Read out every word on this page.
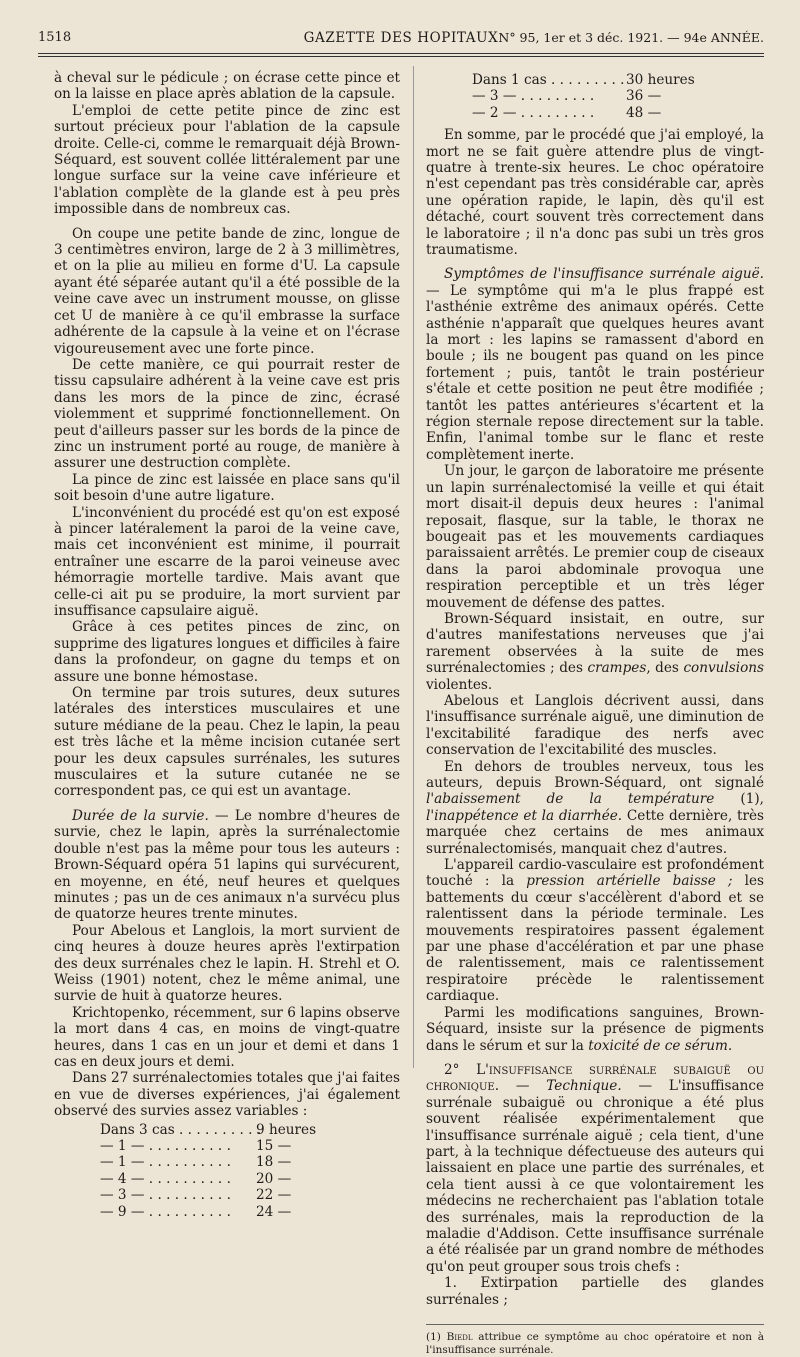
1518	GAZETTE DES HOPITAUX N° 95, 1er et 3 déc. 1921. — 94e ANNÉE.

à cheval sur le pédicule ; on écrase cette pince et on la laisse en place après ablation de la capsule.

L'emploi de cette petite pince de zinc est surtout précieux pour l'ablation de la capsule droite. Celle-ci, comme le remarquait déjà Brown-Séquard, est souvent collée littéralement par une longue surface sur la veine cave inférieure et l'ablation complète de la glande est à peu près impossible dans de nombreux cas.

On coupe une petite bande de zinc, longue de 3 centimètres environ, large de 2 à 3 millimètres, et on la plie au milieu en forme d'U. La capsule ayant été séparée autant qu'il a été possible de la veine cave avec un instrument mousse, on glisse cet U de manière à ce qu'il embrasse la surface adhérente de la capsule à la veine et on l'écrase vigoureusement avec une forte pince.

De cette manière, ce qui pourrait rester de tissu capsulaire adhérent à la veine cave est pris dans les mors de la pince de zinc, écrasé violemment et supprimé fonctionnellement. On peut d'ailleurs passer sur les bords de la pince de zinc un instrument porté au rouge, de manière à assurer une destruction complète.

La pince de zinc est laissée en place sans qu'il soit besoin d'une autre ligature.

L'inconvénient du procédé est qu'on est exposé à pincer latéralement la paroi de la veine cave, mais cet inconvénient est minime, il pourrait entraîner une escarre de la paroi veineuse avec hémorragie mortelle tardive. Mais avant que celle-ci ait pu se produire, la mort survient par insuffisance capsulaire aiguë.

Grâce à ces petites pinces de zinc, on supprime des ligatures longues et difficiles à faire dans la profondeur, on gagne du temps et on assure une bonne hémostase.

On termine par trois sutures, deux sutures latérales des interstices musculaires et une suture médiane de la peau. Chez le lapin, la peau est très lâche et la même incision cutanée sert pour les deux capsules surrénales, les sutures musculaires et la suture cutanée ne se correspondent pas, ce qui est un avantage.

Durée de la survie. — Le nombre d'heures de survie, chez le lapin, après la surrénalectomie double n'est pas la même pour tous les auteurs : Brown-Séquard opéra 51 lapins qui survécurent, en moyenne, en été, neuf heures et quelques minutes ; pas un de ces animaux n'a survécu plus de quatorze heures trente minutes.

Pour Abelous et Langlois, la mort survient de cinq heures à douze heures après l'extirpation des deux surrénales chez le lapin. H. Strehl et O. Weiss (1901) notent, chez le même animal, une survie de huit à quatorze heures.

Krichtopenko, récemment, sur 6 lapins observe la mort dans 4 cas, en moins de vingt-quatre heures, dans 1 cas en un jour et demi et dans 1 cas en deux jours et demi.

Dans 27 surrénalectomies totales que j'ai faites en vue de diverses expériences, j'ai également observé des survies assez variables :

Dans 3 cas . . . . . . . . . .
9 heures
— 1 — . . . . . . . . . . 15 —
— 1 — . . . . . . . . . . 18 —
— 4 — . . . . . . . . . . 20 —
— 3 — . . . . . . . . . . 22 —
— 9 — . . . . . . . . . . 24 —
Dans 1 cas . . . . . . . . . 30 heures
— 3 — . . . . . . . . . 36 —
— 2 — . . . . . . . . . 48 —

En somme, par le procédé que j'ai employé, la mort ne se fait guère attendre plus de vingt-quatre à trente-six heures. Le choc opératoire n'est cependant pas très considérable car, après une opération rapide, le lapin, dès qu'il est détaché, court souvent très correctement dans le laboratoire ; il n'a donc pas subi un très gros traumatisme.

Symptômes de l'insuffisance surrénale aiguë. — Le symptôme qui m'a le plus frappé est l'asthénie extrême des animaux opérés. Cette asthénie n'apparaît que quelques heures avant la mort : les lapins se ramassent d'abord en boule ; ils ne bougent pas quand on les pince fortement ; puis, tantôt le train postérieur s'étale et cette position ne peut être modifiée ; tantôt les pattes antérieures s'écartent et la région sternale repose directement sur la table. Enfin, l'animal tombe sur le flanc et reste complètement inerte.

Un jour, le garçon de laboratoire me présente un lapin surrénalectomisé la veille et qui était mort disait-il depuis deux heures : l'animal reposait, flasque, sur la table, le thorax ne bougeait pas et les mouvements cardiaques paraissaient arrêtés. Le premier coup de ciseaux dans la paroi abdominale provoqua une respiration perceptible et un très léger mouvement de défense des pattes.

Brown-Séquard insistait, en outre, sur d'autres manifestations nerveuses que j'ai rarement observées à la suite de mes surrénalectomies ; des crampes, des convulsions violentes.

Abelous et Langlois décrivent aussi, dans l'insuffisance surrénale aiguë, une diminution de l'excitabilité faradique des nerfs avec conservation de l'excitabilité des muscles.

En dehors de troubles nerveux, tous les auteurs, depuis Brown-Séquard, ont signalé l'abaissement de la température (1), l'inappétence et la diarrhée. Cette dernière, très marquée chez certains de mes animaux surrénalectomisés, manquait chez d'autres.

L'appareil cardio-vasculaire est profondément touché : la pression artérielle baisse ; les battements du cœur s'accélèrent d'abord et se ralentissent dans la période terminale. Les mouvements respiratoires passent également par une phase d'accélération et par une phase de ralentissement, mais ce ralentissement respiratoire précède le ralentissement cardiaque.

Parmi les modifications sanguines, Brown-Séquard, insiste sur la présence de pigments dans le sérum et sur la toxicité de ce sérum.

2° L'insuffisance surrénale subaiguë ou chronique. — Technique. — L'insuffisance surrénale subaiguë ou chronique a été plus souvent réalisée expérimentalement que l'insuffisance surrénale aiguë ; cela tient, d'une part, à la technique défectueuse des auteurs qui laissaient en place une partie des surrénales, et cela tient aussi à ce que volontairement les médecins ne recherchaient pas l'ablation totale des surrénales, mais la reproduction de la maladie d'Addison. Cette insuffisance surrénale a été réalisée par un grand nombre de méthodes qu'on peut grouper sous trois chefs :

1. Extirpation partielle des glandes surrénales ;

(1) Biedl attribue ce symptôme au choc opératoire et non à l'insuffisance surrénale.
